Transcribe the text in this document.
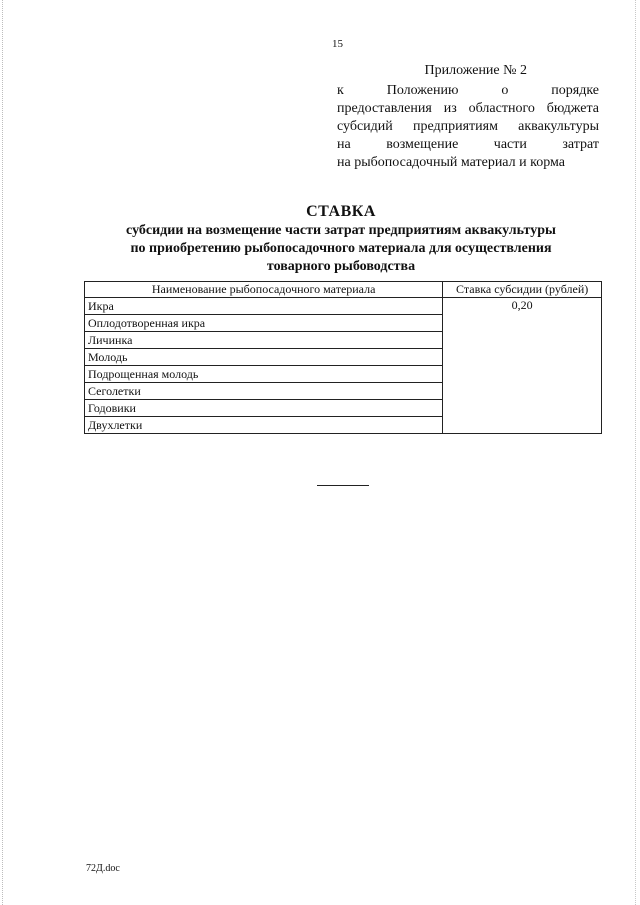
15
Приложение № 2
к Положению о порядке
предоставления из областного бюджета
субсидий предприятиям аквакультуры
на возмещение части затрат
на рыбопосадочный материал и корма
СТАВКА
субсидии на возмещение части затрат предприятиям аквакультуры
по приобретению рыбопосадочного материала для осуществления
товарного рыбоводства
Наименование рыбопосадочного материала	Ставка субсидии (рублей)
Икра	0,20
Оплодотворенная икра	
Личинка	
Молодь	
Подрощенная молодь	
Сеголетки	
Годовики	
Двухлетки	
72Д.doc
